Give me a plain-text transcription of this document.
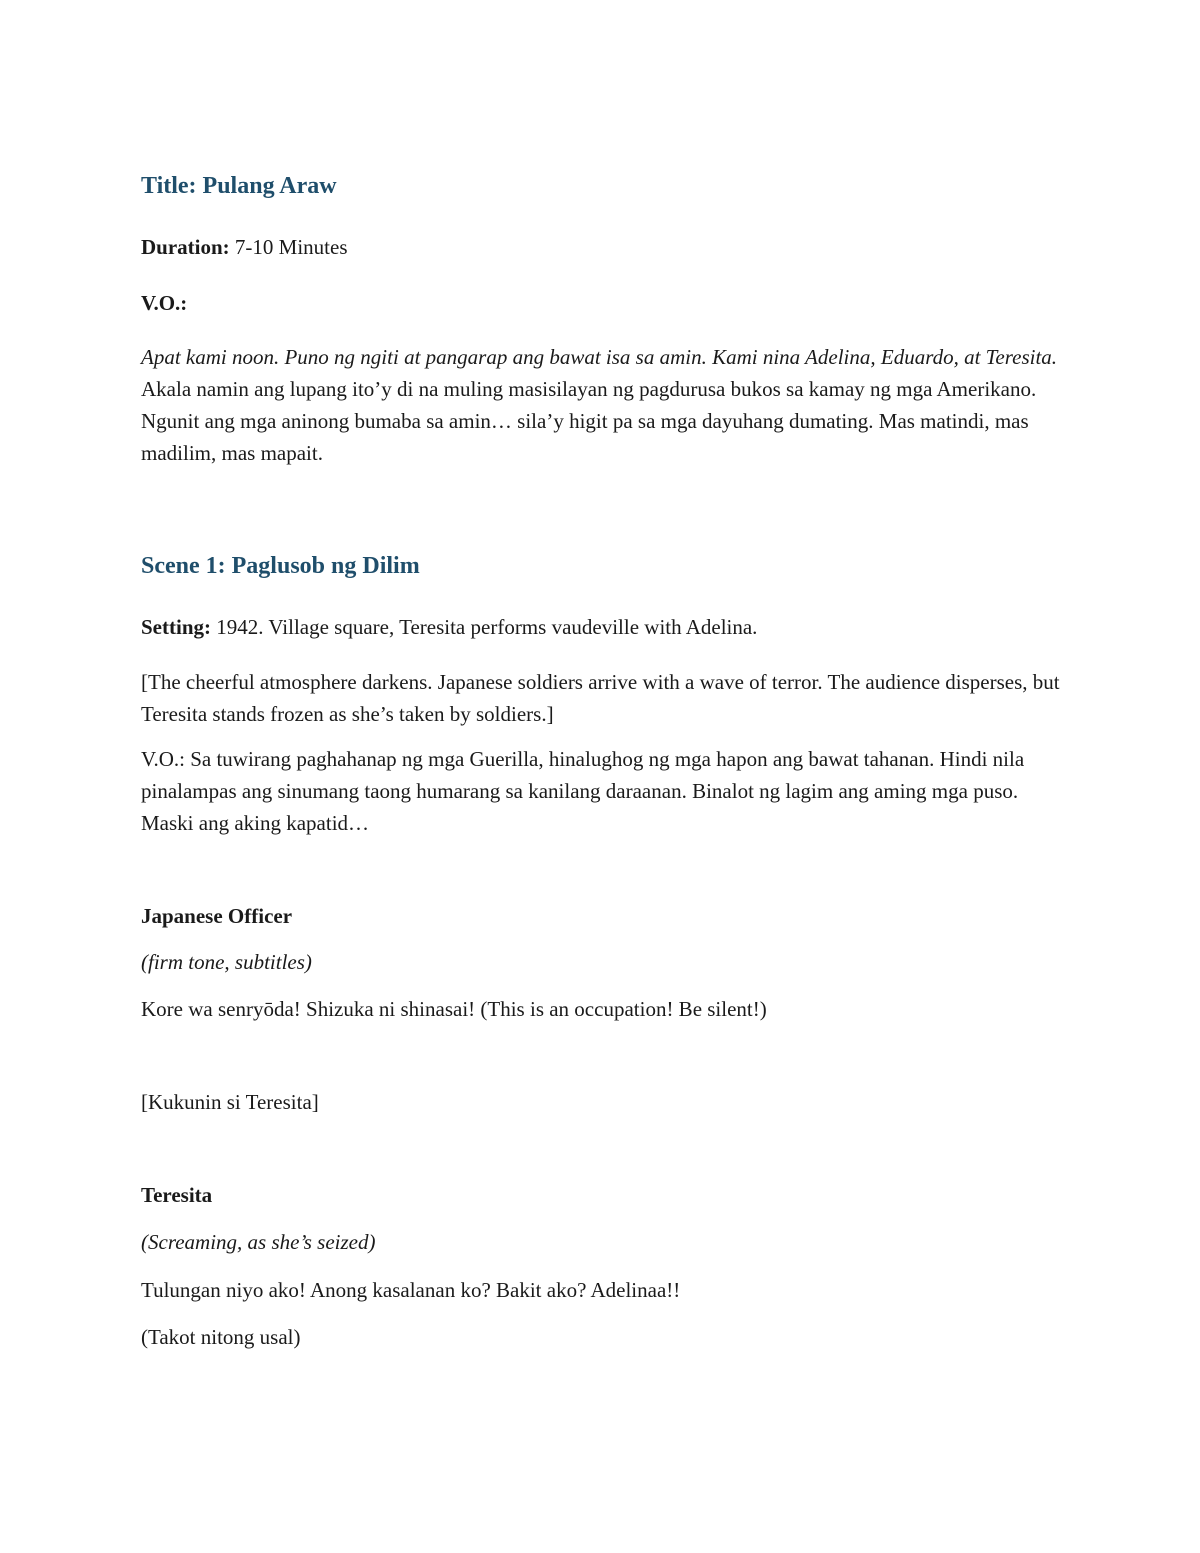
Title: Pulang Araw

Duration: 7-10 Minutes

V.O.:

Apat kami noon. Puno ng ngiti at pangarap ang bawat isa sa amin. Kami nina Adelina, Eduardo, at Teresita. Akala namin ang lupang ito’y di na muling masisilayan ng pagdurusa bukos sa kamay ng mga Amerikano. Ngunit ang mga aninong bumaba sa amin… sila’y higit pa sa mga dayuhang dumating. Mas matindi, mas madilim, mas mapait.

Scene 1: Paglusob ng Dilim

Setting: 1942. Village square, Teresita performs vaudeville with Adelina.

[The cheerful atmosphere darkens. Japanese soldiers arrive with a wave of terror. The audience disperses, but Teresita stands frozen as she’s taken by soldiers.]

V.O.: Sa tuwirang paghahanap ng mga Guerilla, hinalughog ng mga hapon ang bawat tahanan. Hindi nila pinalampas ang sinumang taong humarang sa kanilang daraanan. Binalot ng lagim ang aming mga puso. Maski ang aking kapatid…

Japanese Officer

(firm tone, subtitles)

Kore wa senryōda! Shizuka ni shinasai! (This is an occupation! Be silent!)

[Kukunin si Teresita]

Teresita

(Screaming, as she’s seized)

Tulungan niyo ako! Anong kasalanan ko? Bakit ako? Adelinaa!!

(Takot nitong usal)
